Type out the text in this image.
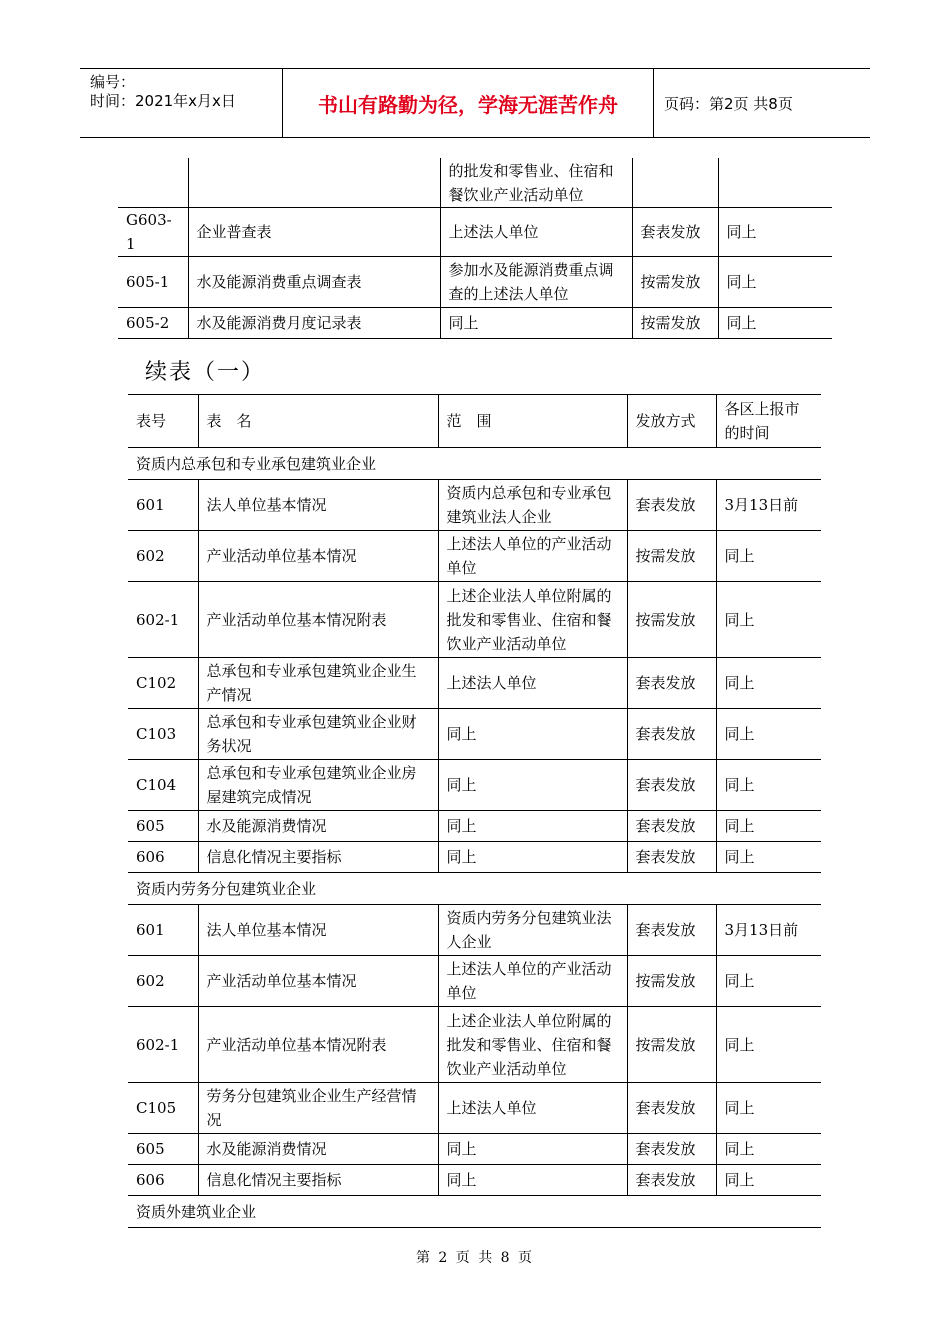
编号：
时间：2021年x月x日	书山有路勤为径，学海无涯苦作舟	页码：第2页 共8页
		的批发和零售业、住宿和餐饮业产业活动单位		
G603-1	企业普查表	上述法人单位	套表发放	同上
605-1	水及能源消费重点调查表	参加水及能源消费重点调查的上述法人单位	按需发放	同上
605-2	水及能源消费月度记录表	同上	按需发放	同上
续表（一）
表号	表　名	范　围	发放方式	各区上报市的时间
资质内总承包和专业承包建筑业企业				
601	法人单位基本情况	资质内总承包和专业承包建筑业法人企业	套表发放	3月13日前
602	产业活动单位基本情况	上述法人单位的产业活动单位	按需发放	同上
602-1	产业活动单位基本情况附表	上述企业法人单位附属的批发和零售业、住宿和餐饮业产业活动单位	按需发放	同上
C102	总承包和专业承包建筑业企业生产情况	上述法人单位	套表发放	同上
C103	总承包和专业承包建筑业企业财务状况	同上	套表发放	同上
C104	总承包和专业承包建筑业企业房屋建筑完成情况	同上	套表发放	同上
605	水及能源消费情况	同上	套表发放	同上
606	信息化情况主要指标	同上	套表发放	同上
资质内劳务分包建筑业企业				
601	法人单位基本情况	资质内劳务分包建筑业法人企业	套表发放	3月13日前
602	产业活动单位基本情况	上述法人单位的产业活动单位	按需发放	同上
602-1	产业活动单位基本情况附表	上述企业法人单位附属的批发和零售业、住宿和餐饮业产业活动单位	按需发放	同上
C105	劳务分包建筑业企业生产经营情况	上述法人单位	套表发放	同上
605	水及能源消费情况	同上	套表发放	同上
606	信息化情况主要指标	同上	套表发放	同上
资质外建筑业企业				
第 2 页 共 8 页
